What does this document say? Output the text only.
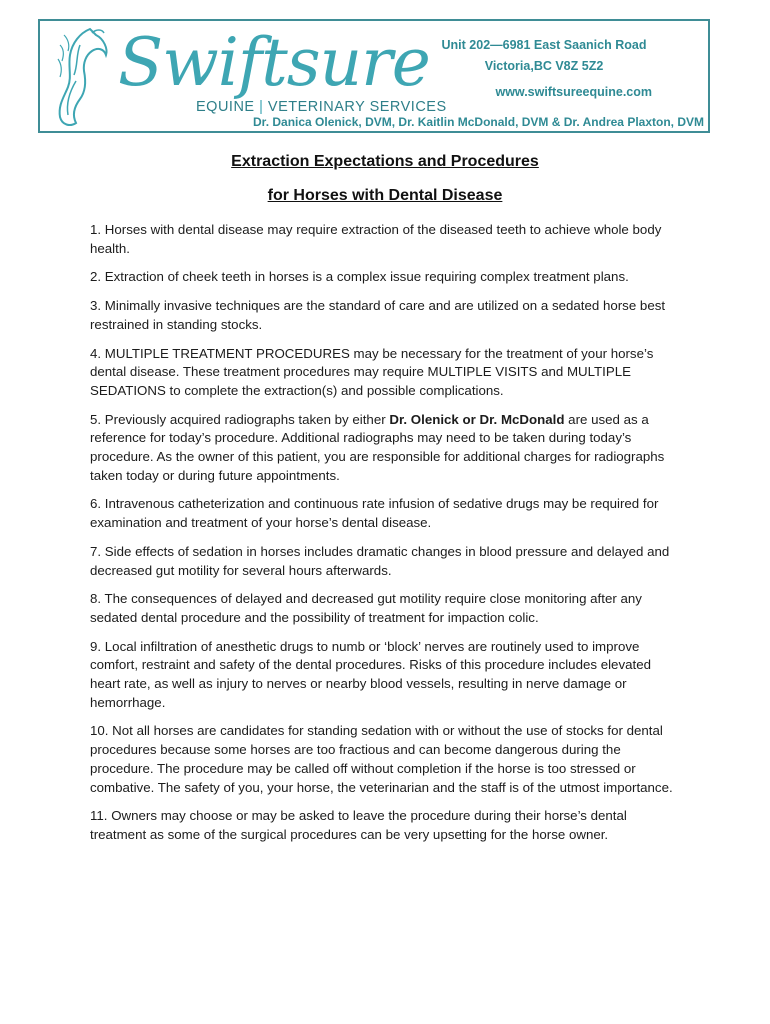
Swiftsure
EQUINE | VETERINARY SERVICES
Unit 202—6981 East Saanich Road
Victoria,BC V8Z 5Z2
www.swiftsureequine.com
Dr. Danica Olenick, DVM, Dr. Kaitlin McDonald, DVM & Dr. Andrea Plaxton, DVM
Extraction Expectations and Procedures
for Horses with Dental Disease

1. Horses with dental disease may require extraction of the diseased teeth to achieve whole body health.

2. Extraction of cheek teeth in horses is a complex issue requiring complex treatment plans.

3. Minimally invasive techniques are the standard of care and are utilized on a sedated horse best restrained in standing stocks.

4. MULTIPLE TREATMENT PROCEDURES may be necessary for the treatment of your horse’s dental disease. These treatment procedures may require MULTIPLE VISITS and MULTIPLE SEDATIONS to complete the extraction(s) and possible complications.

5. Previously acquired radiographs taken by either Dr. Olenick or Dr. McDonald are used as a reference for today’s procedure. Additional radiographs may need to be taken during today’s procedure. As the owner of this patient, you are responsible for additional charges for radiographs taken today or during future appointments.

6. Intravenous catheterization and continuous rate infusion of sedative drugs may be required for examination and treatment of your horse’s dental disease.

7. Side effects of sedation in horses includes dramatic changes in blood pressure and delayed and decreased gut motility for several hours afterwards.

8. The consequences of delayed and decreased gut motility require close monitoring after any sedated dental procedure and the possibility of treatment for impaction colic.

9. Local infiltration of anesthetic drugs to numb or ‘block’ nerves are routinely used to improve comfort, restraint and safety of the dental procedures. Risks of this procedure includes elevated heart rate, as well as injury to nerves or nearby blood vessels, resulting in nerve damage or hemorrhage.

10. Not all horses are candidates for standing sedation with or without the use of stocks for dental procedures because some horses are too fractious and can become dangerous during the procedure. The procedure may be called off without completion if the horse is too stressed or combative. The safety of you, your horse, the veterinarian and the staff is of the utmost importance.

11. Owners may choose or may be asked to leave the procedure during their horse’s dental treatment as some of the surgical procedures can be very upsetting for the horse owner.
